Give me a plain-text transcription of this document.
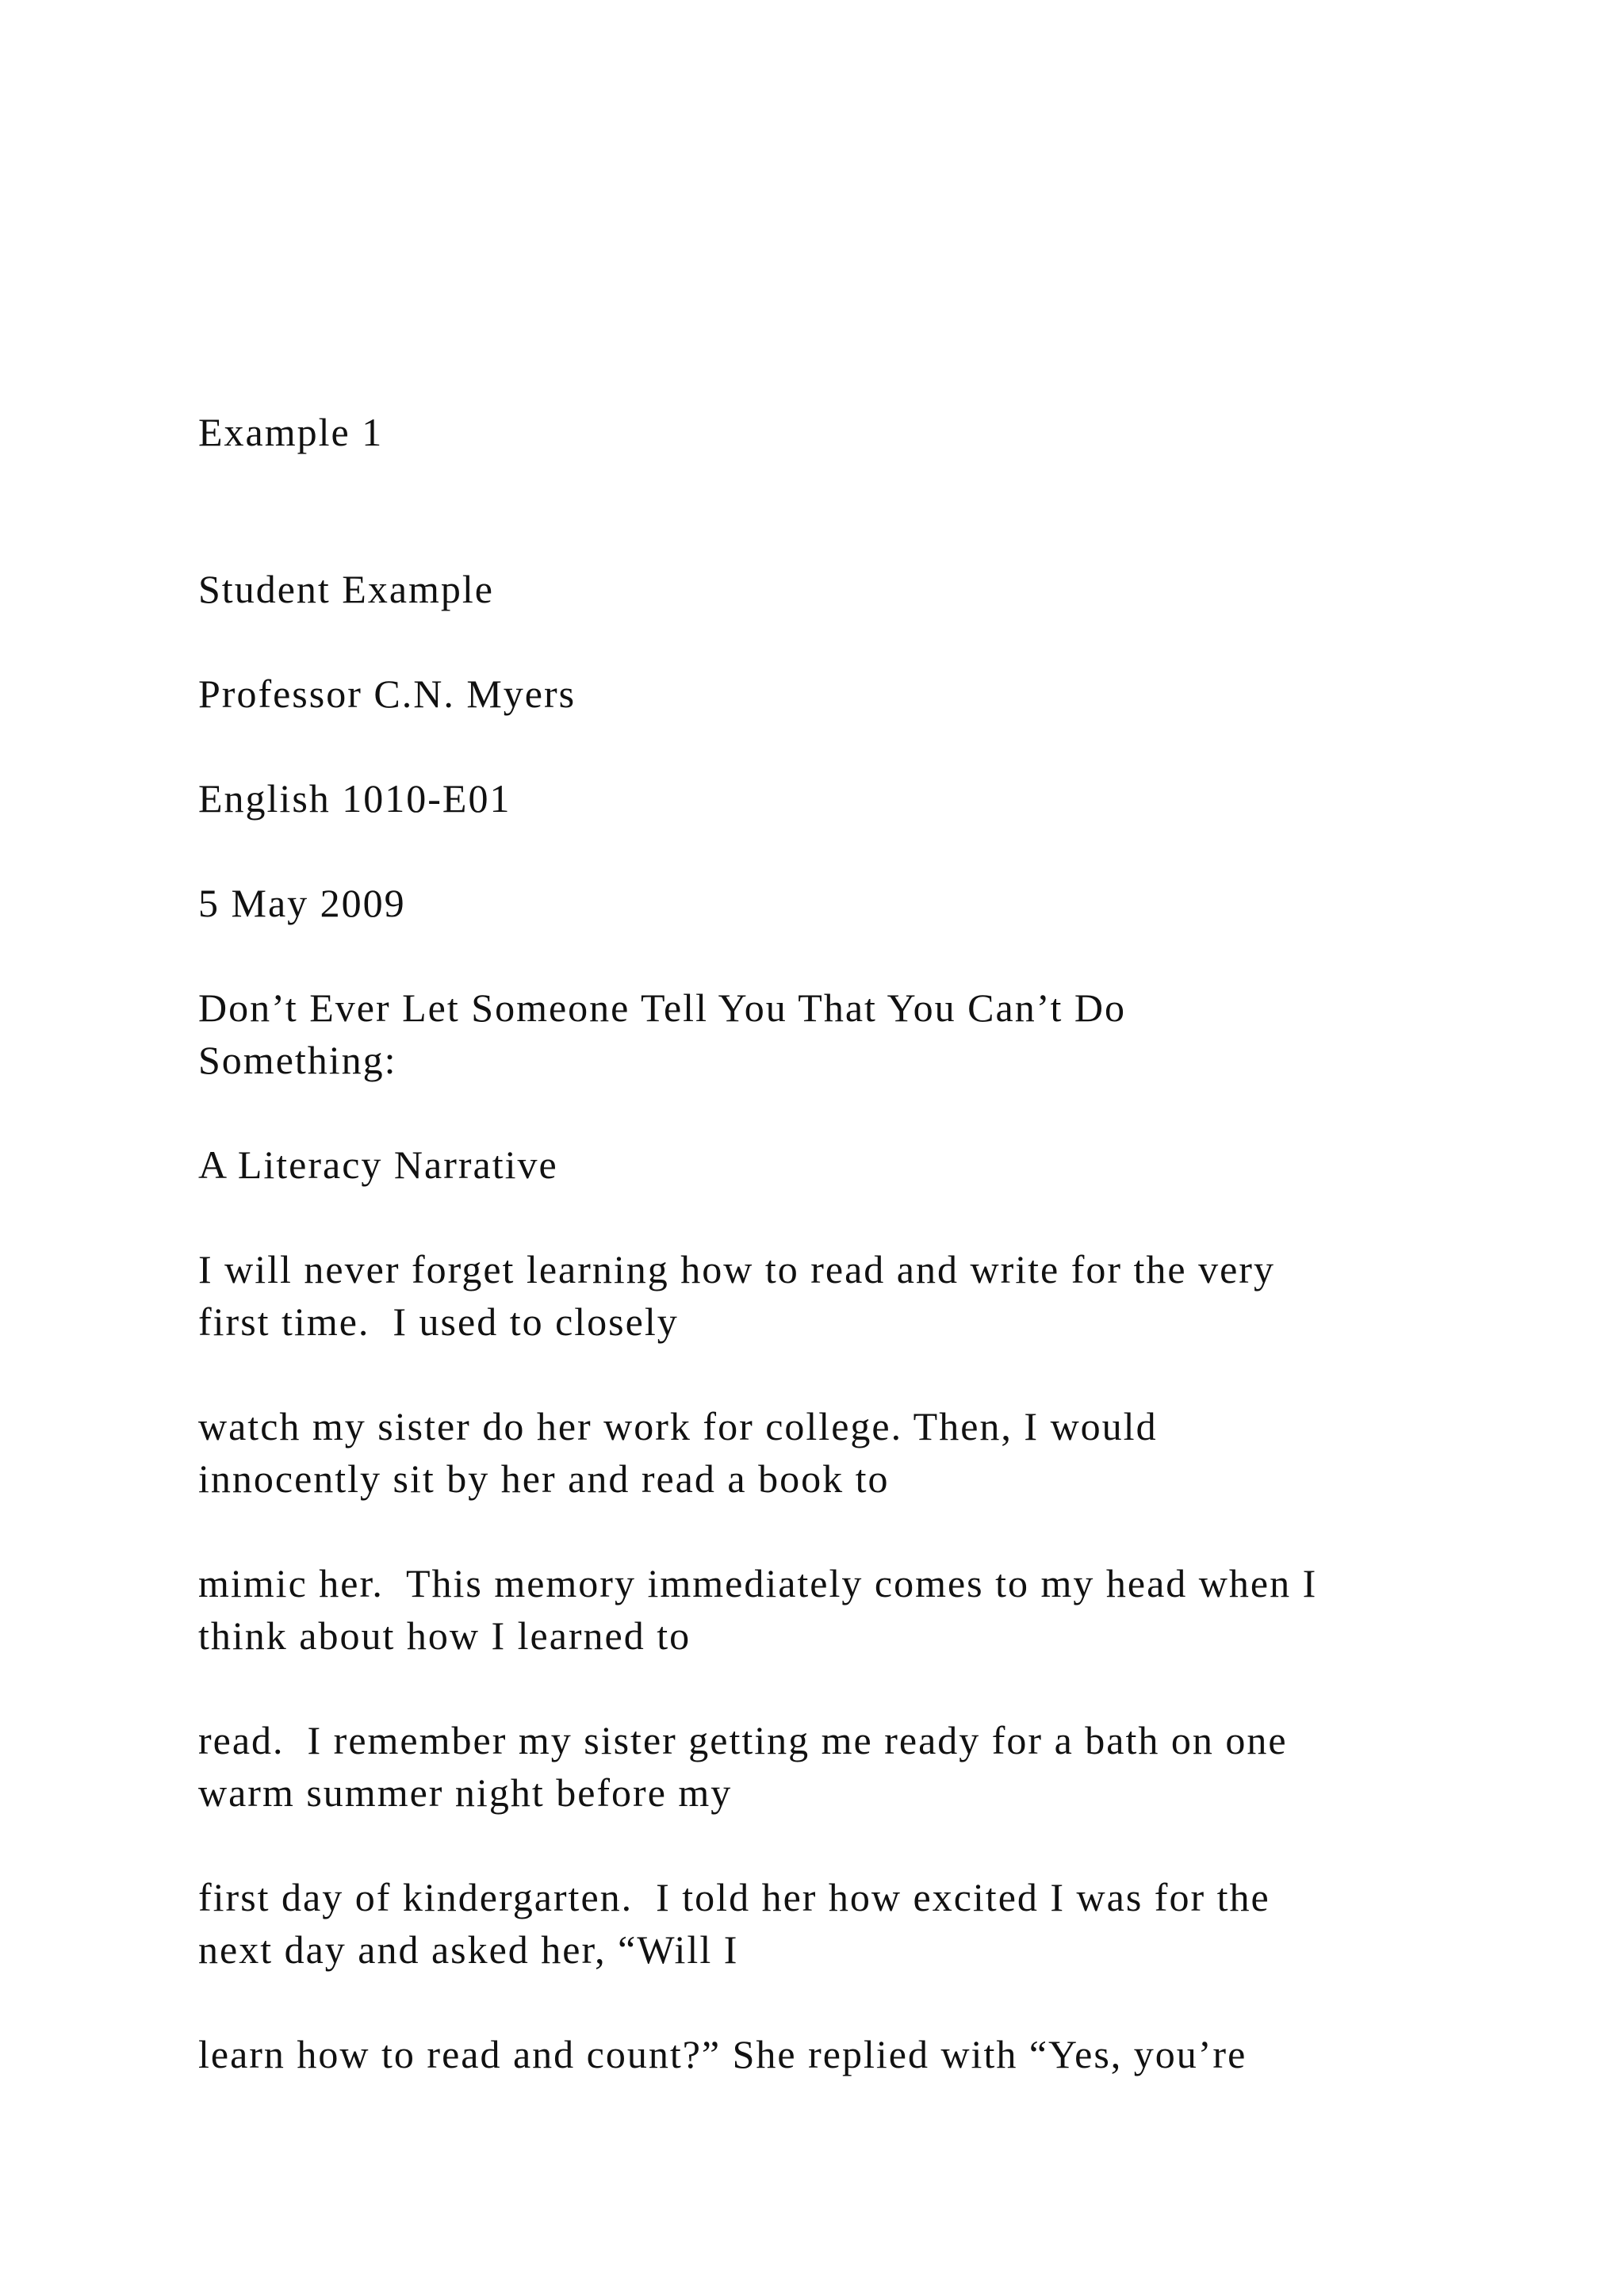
Example 1

Student Example

Professor C.N. Myers

English 1010-E01

5 May 2009

Don’t Ever Let Someone Tell You That You Can’t Do

Something:

A Literacy Narrative

I will never forget learning how to read and write for the very

first time.  I used to closely

watch my sister do her work for college. Then, I would

innocently sit by her and read a book to

mimic her.  This memory immediately comes to my head when I

think about how I learned to

read.  I remember my sister getting me ready for a bath on one

warm summer night before my

first day of kindergarten.  I told her how excited I was for the

next day and asked her, “Will I

learn how to read and count?” She replied with “Yes, you’re
